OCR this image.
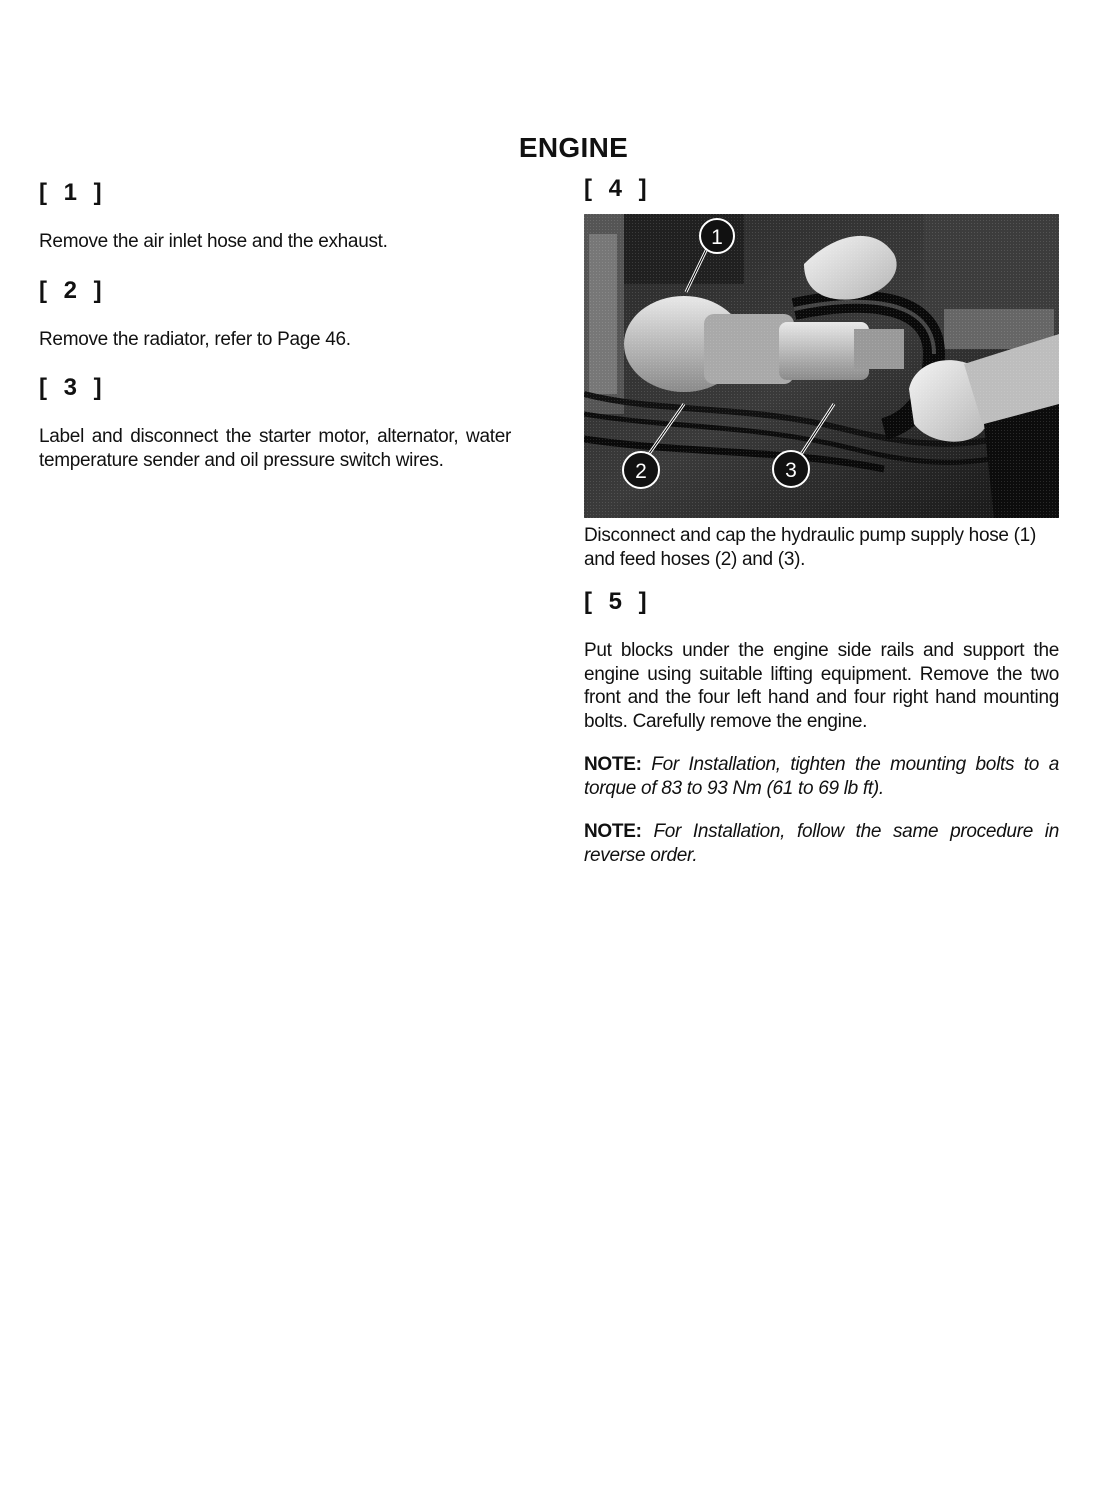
ENGINE

[ 1 ]

Remove the air inlet hose and the exhaust.

[ 2 ]

Remove the radiator, refer to Page 46.

[ 3 ]

Label and disconnect the starter motor, alternator, water temperature sender and oil pressure switch wires.

[ 4 ]

1
2	3

Disconnect and cap the hydraulic pump supply hose (1) and feed hoses (2) and (3).

[ 5 ]

Put blocks under the engine side rails and support the engine using suitable lifting equipment. Remove the two front and the four left hand and four right hand mounting bolts. Carefully remove the engine.

NOTE: For Installation, tighten the mounting bolts to a torque of 83 to 93 Nm (61 to 69 lb ft).

NOTE: For Installation, follow the same procedure in reverse order.
